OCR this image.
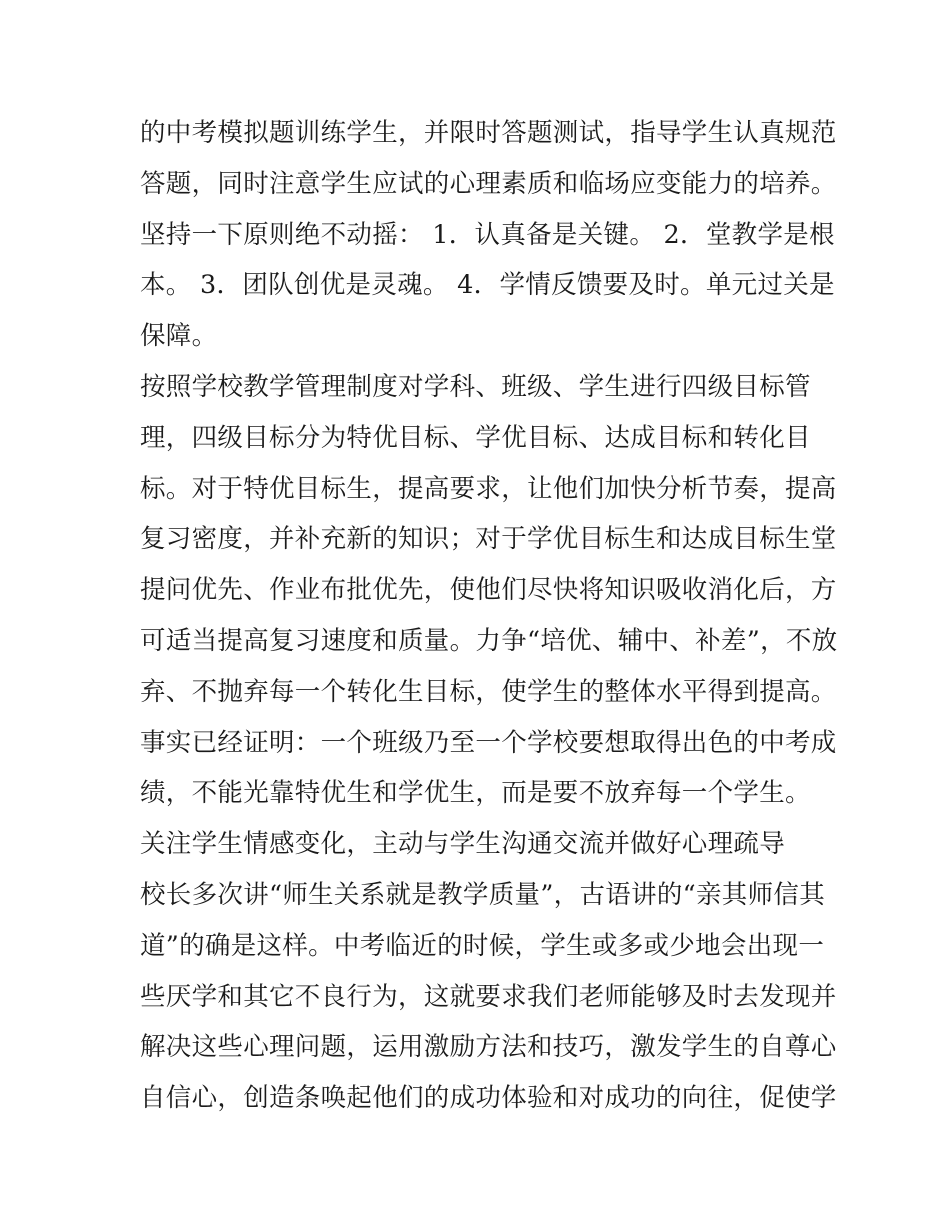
的中考模拟题训练学生，并限时答题测试，指导学生认真规范
答题，同时注意学生应试的心理素质和临场应变能力的培养。
坚持一下原则绝不动摇： 1．认真备是关键。 2．堂教学是根
本。 3．团队创优是灵魂。 4．学情反馈要及时。单元过关是
保障。
按照学校教学管理制度对学科、班级、学生进行四级目标管
理，四级目标分为特优目标、学优目标、达成目标和转化目
标。对于特优目标生，提高要求，让他们加快分析节奏，提高
复习密度，并补充新的知识；对于学优目标生和达成目标生堂
提问优先、作业布批优先，使他们尽快将知识吸收消化后，方
可适当提高复习速度和质量。力争“培优、辅中、补差”，不放
弃、不抛弃每一个转化生目标，使学生的整体水平得到提高。
事实已经证明：一个班级乃至一个学校要想取得出色的中考成
绩，不能光靠特优生和学优生，而是要不放弃每一个学生。
关注学生情感变化，主动与学生沟通交流并做好心理疏导
校长多次讲“师生关系就是教学质量”，古语讲的“亲其师信其
道”的确是这样。中考临近的时候，学生或多或少地会出现一
些厌学和其它不良行为，这就要求我们老师能够及时去发现并
解决这些心理问题，运用激励方法和技巧，激发学生的自尊心
自信心，创造条唤起他们的成功体验和对成功的向往，促使学
